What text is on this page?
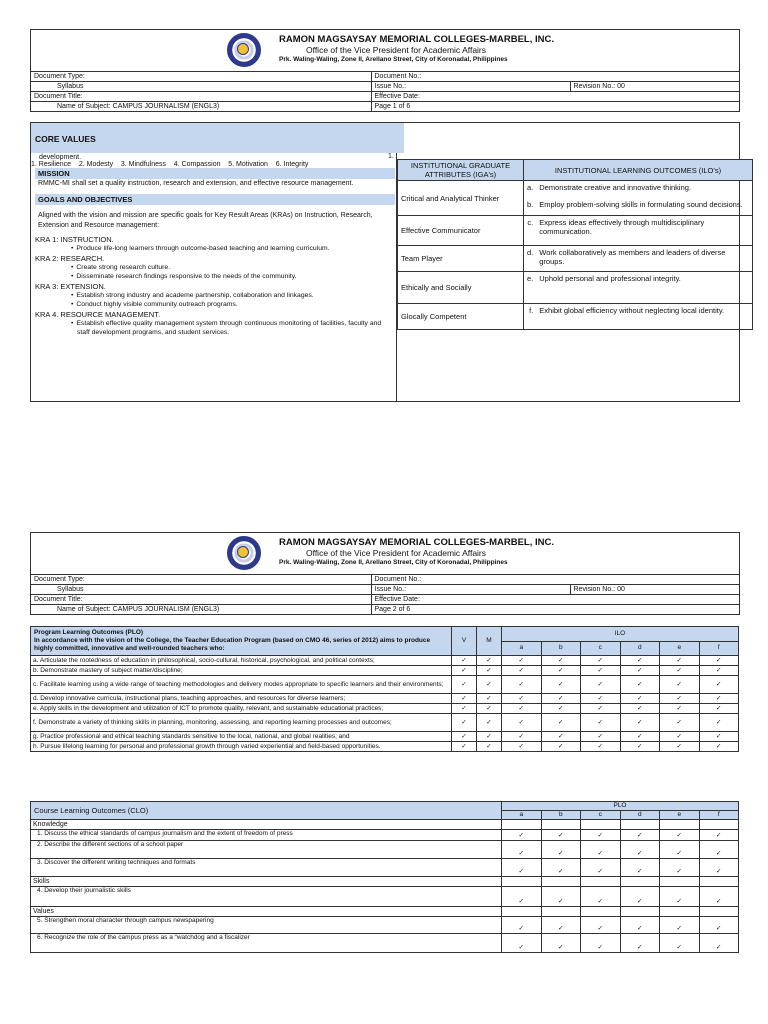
RAMON MAGSAYSAY MEMORIAL COLLEGES-MARBEL, INC.
Office of the Vice President for Academic Affairs
Prk. Waling-Waling, Zone II, Arellano Street, City of Koronadal, Philippines
Document Type:	Document No.:	
Syllabus	Issue No.:	Revision No.: 00
Document Title:	Effective Date:	
Name of Subject: CAMPUS JOURNALISM (ENGL3)	Page 1 of 6	
CORE VALUES
1.
development.
1. Resilience    2. Modesty    3. Mindfulness    4. Compassion    5. Motivation    6. Integrity
MISSION
RMMC-MI shall set a quality instruction, research and extension, and effective resource management.
GOALS AND OBJECTIVES
Aligned with the vision and mission are specific goals for Key Result Areas (KRAs) on Instruction, Research, Extension and Resource management:
KRA 1: INSTRUCTION.
• Produce life-long learners through outcome-based teaching and learning curriculum.
KRA 2: RESEARCH.
• Create strong research culture.
• Disseminate research findings responsive to the needs of the community.
KRA 3: EXTENSION.
• Establish strong industry and academe partnership, collaboration and linkages.
• Conduct highly visible community outreach programs.
KRA 4. RESOURCE MANAGEMENT.
• Establish effective quality management system through continuous monitoring of facilities, faculty and staff development programs, and student services.
INSTITUTIONAL GRADUATE ATTRIBUTES (IGA's)	INSTITUTIONAL LEARNING OUTCOMES (ILO's)	
Critical and Analytical Thinker	a.	Demonstrate creative and innovative thinking.
	b.	Employ problem-solving skills in formulating sound decisions.
Effective Communicator	c.	Express ideas effectively through multidisciplinary communication.
Team Player	d.	Work collaboratively as members and leaders of diverse groups.
Ethically and Socially	e.	Uphold personal and professional integrity.
Glocally Competent	f.	Exhibit global efficiency without neglecting local identity.
RAMON MAGSAYSAY MEMORIAL COLLEGES-MARBEL, INC.
Office of the Vice President for Academic Affairs
Prk. Waling-Waling, Zone II, Arellano Street, City of Koronadal, Philippines
Document Type:	Document No.:	
Syllabus	Issue No.:	Revision No.: 00
Document Title:	Effective Date:	
Name of Subject: CAMPUS JOURNALISM (ENGL3)	Page 2 of 6	
Program Learning Outcomes (PLO)
In accordance with the vision of the College, the Teacher Education Program (based on CMO 46, series of 2012) aims to produce highly committed, innovative and well-rounded teachers who:	V	M	ILO					
			a	b	c	d	e	f
a. Articulate the rootedness of education in philosophical, socio-cultural, historical, psychological, and political contexts;	✓	✓	✓	✓	✓	✓	✓	✓
b. Demonstrate mastery of subject matter/discipline;	✓	✓	✓	✓	✓	✓	✓	✓
c. Facilitate learning using a wide range of teaching methodologies and delivery modes appropriate to specific learners and their environments;	✓	✓	✓	✓	✓	✓	✓	✓
d. Develop innovative curricula, instructional plans, teaching approaches, and resources for diverse learners;	✓	✓	✓	✓	✓	✓	✓	✓
e. Apply skills in the development and utilization of ICT to promote quality, relevant, and sustainable educational practices;	✓	✓	✓	✓	✓	✓	✓	✓
f. Demonstrate a variety of thinking skills in planning, monitoring, assessing, and reporting learning processes and outcomes;	✓	✓	✓	✓	✓	✓	✓	✓
g. Practice professional and ethical teaching standards sensitive to the local, national, and global realities; and	✓	✓	✓	✓	✓	✓	✓	✓
h. Pursue lifelong learning for personal and professional growth through varied experiential and field-based opportunities.	✓	✓	✓	✓	✓	✓	✓	✓
Course Learning Outcomes (CLO)	PLO					
	a	b	c	d	e	f
Knowledge						
1. Discuss the ethical standards of campus journalism and the extent of freedom of press	✓	✓	✓	✓	✓	✓
2. Describe the different sections of a school paper	✓	✓	✓	✓	✓	✓
3. Discover the different writing techniques and formats	✓	✓	✓	✓	✓	✓
Skills						
4. Develop their journalistic skills	✓	✓	✓	✓	✓	✓
Values						
5. Strengthen moral character through campus newspapering	✓	✓	✓	✓	✓	✓
6. Recognize the role of the campus press as a “watchdog and a fiscalizer	✓	✓	✓	✓	✓	✓
